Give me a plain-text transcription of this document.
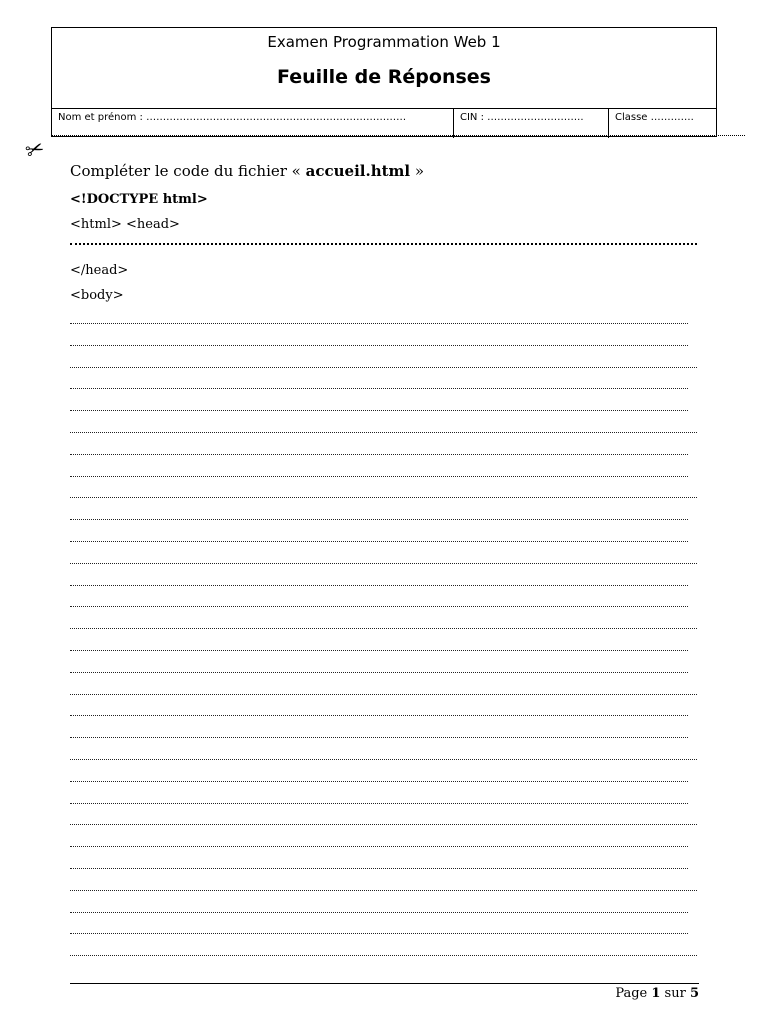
Examen Programmation Web 1
Feuille de Réponses
Nom et prénom : ……………………………………………………………………	CIN : ………………………..	Classe ………….
✂
Compléter le code du fichier « accueil.html »
<!DOCTYPE html>
<html> <head>
</head>
<body>
Page 1 sur 5
